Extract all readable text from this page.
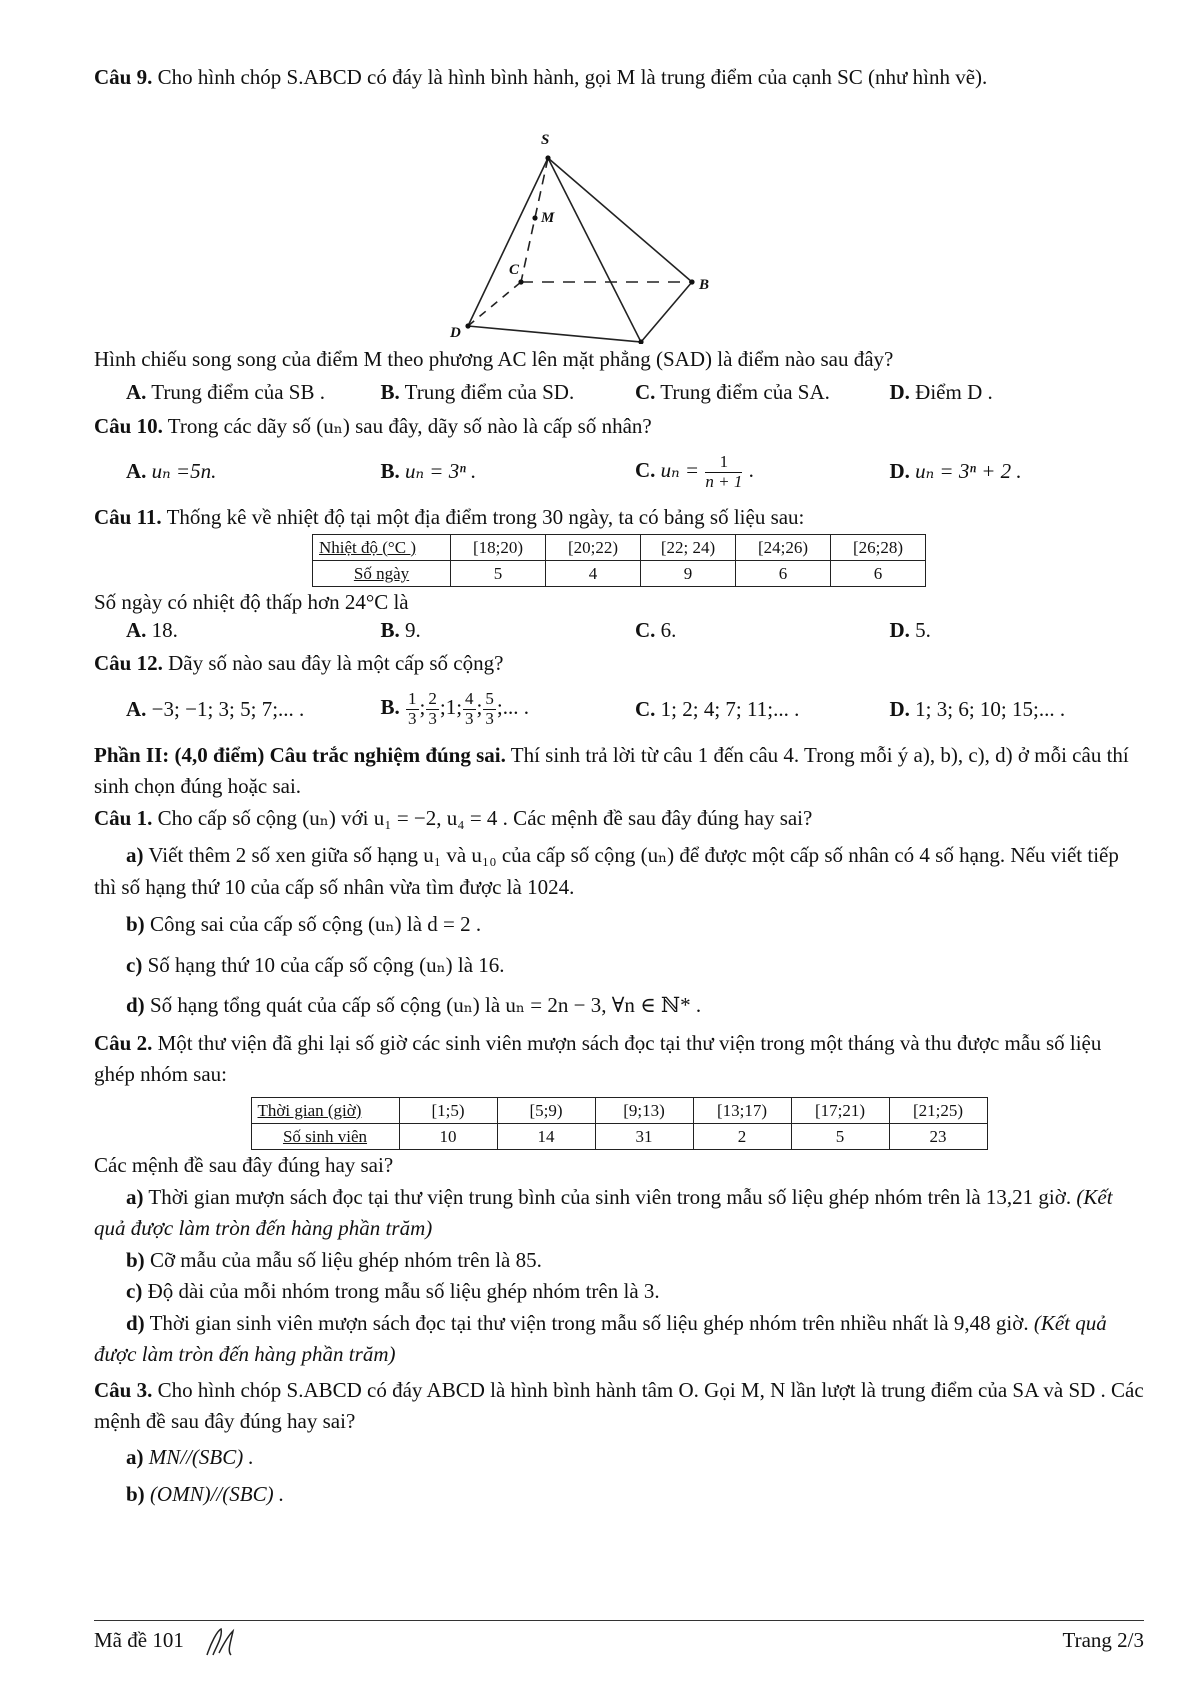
Câu 9. Cho hình chóp S.ABCD có đáy là hình bình hành, gọi M là trung điểm của cạnh SC (như hình vẽ).

S
M
C
B
D

Hình chiếu song song của điểm M theo phương AC lên mặt phẳng (SAD) là điểm nào sau đây?

A. Trung điểm của SB .	B. Trung điểm của SD.	C. Trung điểm của SA.	D. Điểm D .

Câu 10. Trong các dãy số (uₙ) sau đây, dãy số nào là cấp số nhân?

A. uₙ =5n.	B. uₙ = 3ⁿ .	C. $u_n = \frac{1}{n + 1}$ .	D. uₙ = 3ⁿ + 2 .

Câu 11. Thống kê về nhiệt độ tại một địa điểm trong 30 ngày, ta có bảng số liệu sau:

Nhiệt độ (°C )	[18;20)	[20;22)	[22; 24)	[24;26)	[26;28)
Số ngày	5	4	9	6	6

Số ngày có nhiệt độ thấp hơn 24°C là

A. 18.	B. 9.	C. 6.	D. 5.

Câu 12. Dãy số nào sau đây là một cấp số cộng?

A. −3; −1; 3; 5; 7;... .	B. $\frac{1}{3}$ ; $\frac{2}{3}$ ;1; $\frac{4}{3}$ ; $\frac{5}{3}$ ;... .	C. 1; 2; 4; 7; 11;... .	D. 1; 3; 6; 10; 15;... .

Phần II: (4,0 điểm) Câu trắc nghiệm đúng sai. Thí sinh trả lời từ câu 1 đến câu 4. Trong mỗi ý a), b), c), d) ở mỗi câu thí sinh chọn đúng hoặc sai.

Câu 1. Cho cấp số cộng (uₙ) với u₁ = −2, u₄ = 4 . Các mệnh đề sau đây đúng hay sai?

a) Viết thêm 2 số xen giữa số hạng u₁ và u₁₀ của cấp số cộng (uₙ) để được một cấp số nhân có 4 số hạng. Nếu viết tiếp thì số hạng thứ 10 của cấp số nhân vừa tìm được là 1024.

b) Công sai của cấp số cộng (uₙ) là d = 2 .

c) Số hạng thứ 10 của cấp số cộng (uₙ) là 16.

d) Số hạng tổng quát của cấp số cộng (uₙ) là uₙ = 2n − 3, ∀n ∈ ℕ* .

Câu 2. Một thư viện đã ghi lại số giờ các sinh viên mượn sách đọc tại thư viện trong một tháng và thu được mẫu số liệu ghép nhóm sau:

Thời gian (giờ)	[1;5)	[5;9)	[9;13)	[13;17)	[17;21)	[21;25)
Số sinh viên	10	14	31	2	5	23

Các mệnh đề sau đây đúng hay sai?

a) Thời gian mượn sách đọc tại thư viện trung bình của sinh viên trong mẫu số liệu ghép nhóm trên là 13,21 giờ. (Kết quả được làm tròn đến hàng phần trăm)

b) Cỡ mẫu của mẫu số liệu ghép nhóm trên là 85.

c) Độ dài của mỗi nhóm trong mẫu số liệu ghép nhóm trên là 3.

d) Thời gian sinh viên mượn sách đọc tại thư viện trong mẫu số liệu ghép nhóm trên nhiều nhất là 9,48 giờ. (Kết quả được làm tròn đến hàng phần trăm)

Câu 3. Cho hình chóp S.ABCD có đáy ABCD là hình bình hành tâm O. Gọi M, N lần lượt là trung điểm của SA và SD . Các mệnh đề sau đây đúng hay sai?

a) MN//(SBC) .

b) (OMN)//(SBC) .

Mã đề 101	Trang 2/3
